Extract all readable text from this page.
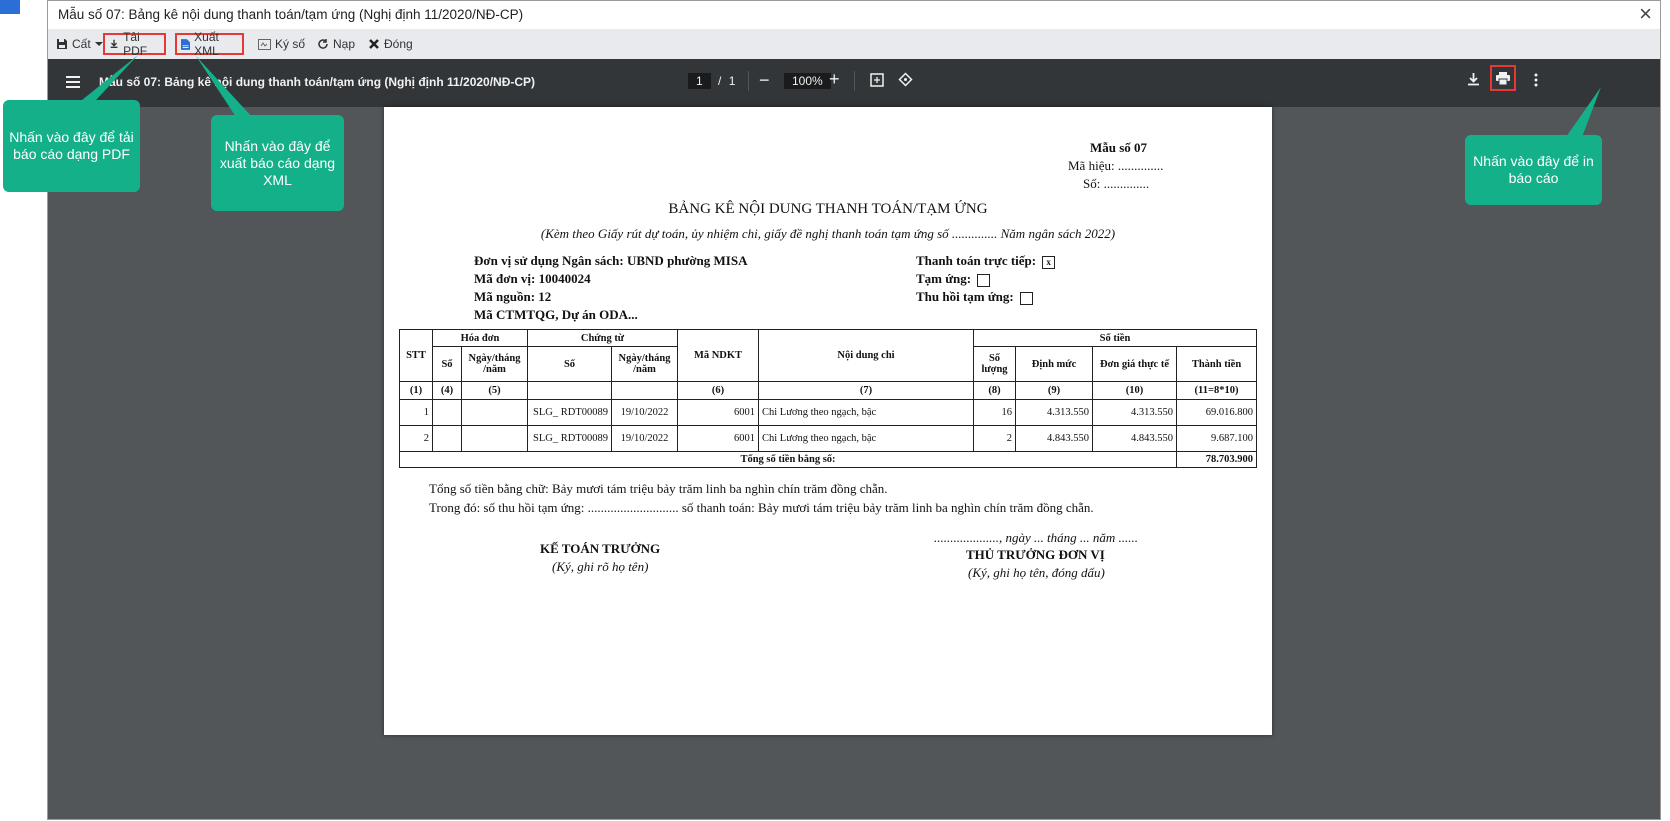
Mẫu số 07: Bảng kê nội dung thanh toán/tạm ứng (Nghị định 11/2020/NĐ-CP)	×
Cất	Tải PDF
Xuất XML	Ký số Nạp Đóng
Mẫu số 07: Bảng kê nội dung thanh toán/tạm ứng (Nghị định 11/2020/NĐ-CP)	1 / 1 −	100% +
Mẫu số 07
Mã hiệu: ..............
Số: ..............
BẢNG KÊ NỘI DUNG THANH TOÁN/TẠM ỨNG
(Kèm theo Giấy rút dự toán, ủy nhiệm chi, giấy đề nghị thanh toán tạm ứng số .............. Năm ngân sách 2022)
Đơn vị sử dụng Ngân sách: UBND phường MISA
Mã đơn vị: 10040024
Mã nguồn: 12
Mã CTMTQG, Dự án ODA...
Thanh toán trực tiếp: x
Tạm ứng:
Thu hồi tạm ứng:
STT	Hóa đơn		Chứng từ		Mã NDKT	Nội dung chi	Số tiền			
	Số	Ngày/tháng /năm	Số	Ngày/tháng /năm			Số lượng	Định mức	Đơn giá thực tế	Thành tiền
(1)	(4)	(5)			(6)	(7)	(8)	(9)	(10)	(11=8*10)
1			SLG_ RDT00089	19/10/2022	6001	Chi Lương theo ngạch, bậc	16	4.313.550	4.313.550	69.016.800
2			SLG_ RDT00089	19/10/2022	6001	Chi Lương theo ngạch, bậc	2	4.843.550	4.843.550	9.687.100
Tổng số tiền bằng số:										78.703.900
Tổng số tiền bằng chữ: Bảy mươi tám triệu bảy trăm linh ba nghìn chín trăm đồng chẵn.
Trong đó: số thu hồi tạm ứng: ............................ số thanh toán: Bảy mươi tám triệu bảy trăm linh ba nghìn chín trăm đồng chẵn.
...................., ngày ... tháng ... năm ......
KẾ TOÁN TRƯỞNG
(Ký, ghi rõ họ tên)
THỦ TRƯỞNG ĐƠN VỊ
(Ký, ghi họ tên, đóng dấu)
Nhấn vào đây để tải báo cáo dạng PDF
Nhấn vào đây để xuất báo cáo dạng XML
Nhấn vào đây để in báo cáo
